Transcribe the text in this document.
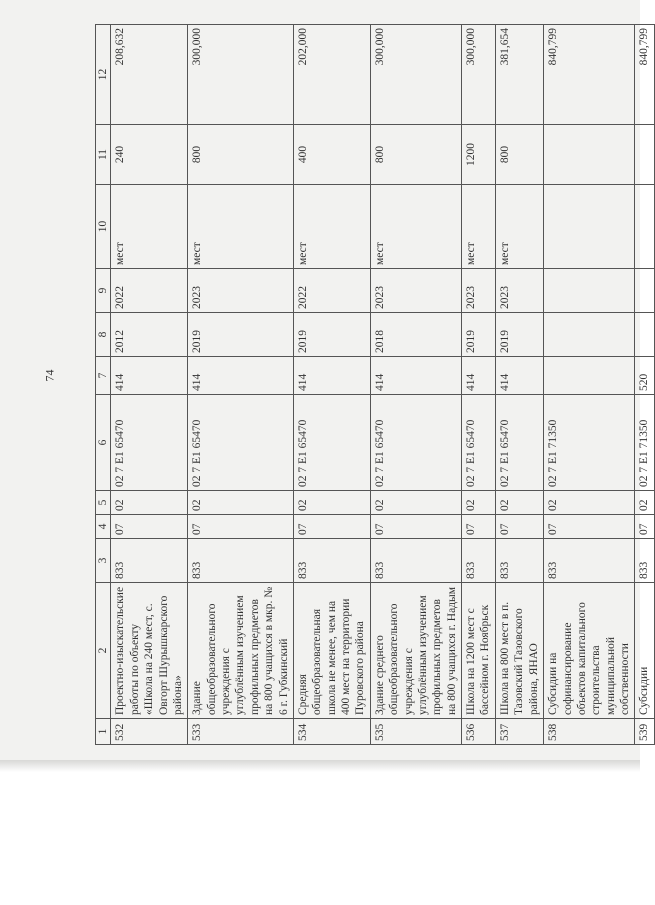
74
1	2	3	4	5	6	7	8	9	10	11	12
532	Проектно-изыскательские работы по объекту «Школа на 240 мест, с. Овгорт Шурышкарского района»	833	07	02	02 7 E1 65470	414	2012	2022	мест	240	208,632
533	Здание общеобразовательного учреждения с углублённым изучением профильных предметов на 800 учащихся в мкр. № 6 г. Губкинский	833	07	02	02 7 E1 65470	414	2019	2023	мест	800	300,000
534	Средняя общеобразовательная школа не менее, чем на 400 мест на территории Пуровского района	833	07	02	02 7 E1 65470	414	2019	2022	мест	400	202,000
535	Здание среднего общеобразовательного учреждения с углублённым изучением профильных предметов на 800 учащихся г. Надым	833	07	02	02 7 E1 65470	414	2018	2023	мест	800	300,000
536	Школа на 1200 мест с бассейном г. Ноябрьск	833	07	02	02 7 E1 65470	414	2019	2023	мест	1200	300,000
537	Школа на 800 мест в п. Тазовский Тазовского района, ЯНАО	833	07	02	02 7 E1 65470	414	2019	2023	мест	800	381,654
538	Субсидии на софинансирование объектов капитального строительства муниципальной собственности	833	07	02	02 7 E1 71350						840,799
539	Субсидии	833	07	02	02 7 E1 71350	520					840,799
